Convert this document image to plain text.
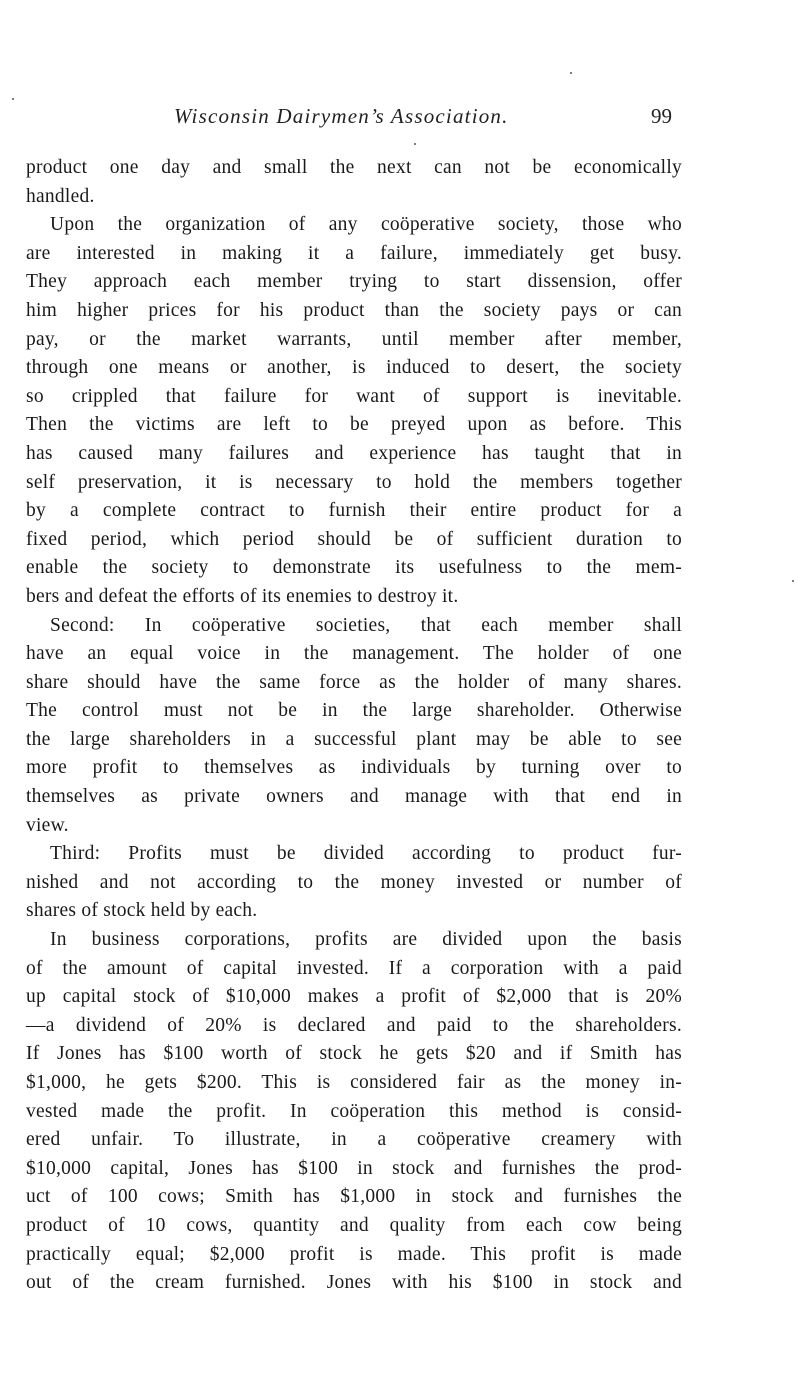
Wisconsin Dairymen’s Association.	99
product one day and small the next can not be economically
handled.
Upon the organization of any coöperative society, those who
are interested in making it a failure, immediately get busy.
They approach each member trying to start dissension, offer
him higher prices for his product than the society pays or can
pay, or the market warrants, until member after member,
through one means or another, is induced to desert, the society
so crippled that failure for want of support is inevitable.
Then the victims are left to be preyed upon as before. This
has caused many failures and experience has taught that in
self preservation, it is necessary to hold the members together
by a complete contract to furnish their entire product for a
fixed period, which period should be of sufficient duration to
enable the society to demonstrate its usefulness to the mem-
bers and defeat the efforts of its enemies to destroy it.
Second: In coöperative societies, that each member shall
have an equal voice in the management. The holder of one
share should have the same force as the holder of many shares.
The control must not be in the large shareholder. Otherwise
the large shareholders in a successful plant may be able to see
more profit to themselves as individuals by turning over to
themselves as private owners and manage with that end in
view.
Third: Profits must be divided according to product fur-
nished and not according to the money invested or number of
shares of stock held by each.
In business corporations, profits are divided upon the basis
of the amount of capital invested. If a corporation with a paid
up capital stock of $10,000 makes a profit of $2,000 that is 20%
—a dividend of 20% is declared and paid to the shareholders.
If Jones has $100 worth of stock he gets $20 and if Smith has
$1,000, he gets $200. This is considered fair as the money in-
vested made the profit. In coöperation this method is consid-
ered unfair. To illustrate, in a coöperative creamery with
$10,000 capital, Jones has $100 in stock and furnishes the prod-
uct of 100 cows; Smith has $1,000 in stock and furnishes the
product of 10 cows, quantity and quality from each cow being
practically equal; $2,000 profit is made. This profit is made
out of the cream furnished. Jones with his $100 in stock and
